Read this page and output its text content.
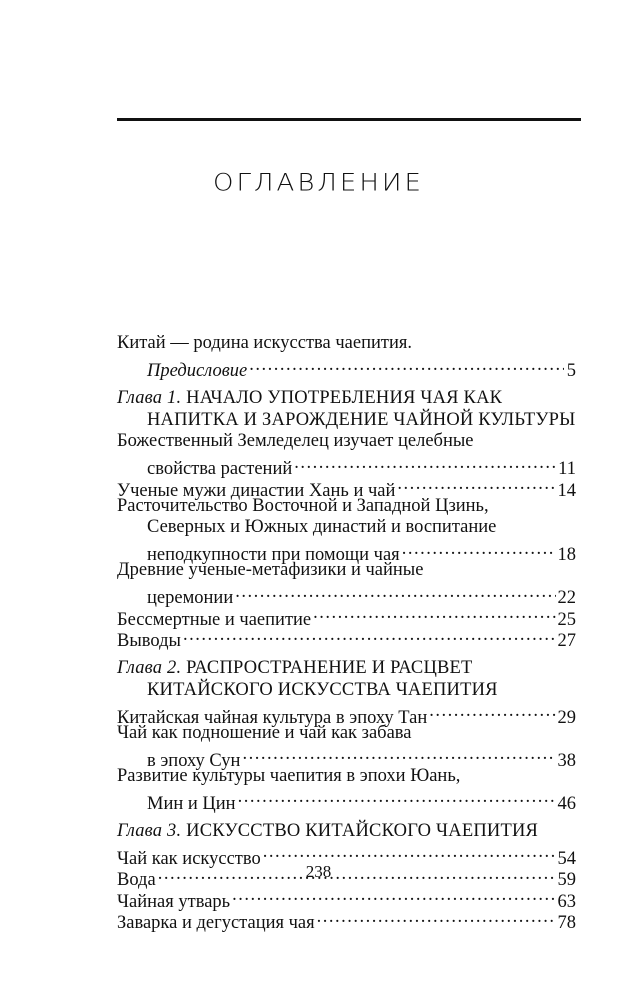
ОГЛАВЛЕНИЕ
Китай — родина искусства чаепития.
Предисловие .....	5
Глава 1.
НАЧАЛО УПОТРЕБЛЕНИЯ ЧАЯ КАК
НАПИТКА И ЗАРОЖДЕНИЕ ЧАЙНОЙ КУЛЬТУРЫ
Божественный Земледелец изучает целебные
свойства растений .....	11
Ученые мужи династии Хань и чай .....	14
Расточительство Восточной и Западной Цзинь,
Северных и Южных династий и воспитание
неподкупности при помощи чая .....	18
Древние ученые-метафизики и чайные
церемонии .....	22
Бессмертные и чаепитие .....	25
Выводы .....	27
Глава 2.
РАСПРОСТРАНЕНИЕ И РАСЦВЕТ
КИТАЙСКОГО ИСКУССТВА ЧАЕПИТИЯ
Китайская чайная культура в эпоху Тан .....	29
Чай как подношение и чай как забава
в эпоху Сун .....	38
Развитие культуры чаепития в эпохи Юань,
Мин и Цин .....	46
Глава 3.
ИСКУССТВО КИТАЙСКОГО ЧАЕПИТИЯ
Чай как искусство .....	54
Вода .....	59
Чайная утварь .....	63
Заварка и дегустация чая .....	78
238
